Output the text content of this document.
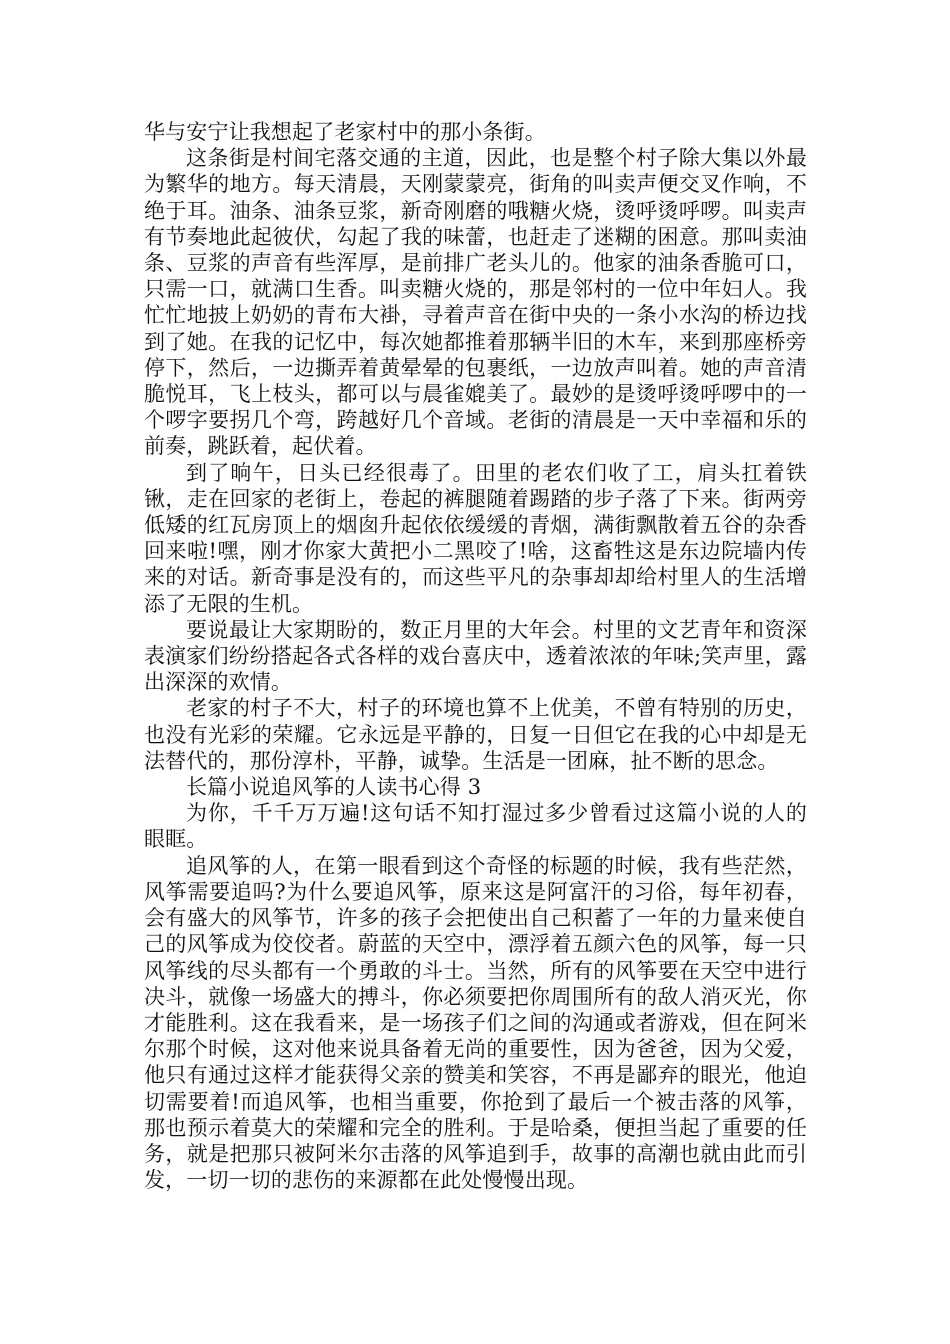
华与安宁让我想起了老家村中的那小条街。

这条街是村间宅落交通的主道，因此，也是整个村子除大集以外最为繁华的地方。每天清晨，天刚蒙蒙亮，街角的叫卖声便交叉作响，不绝于耳。油条、油条豆浆，新奇刚磨的哦糖火烧，烫呼烫呼啰。叫卖声有节奏地此起彼伏，勾起了我的味蕾，也赶走了迷糊的困意。那叫卖油条、豆浆的声音有些浑厚，是前排广老头儿的。他家的油条香脆可口，只需一口，就满口生香。叫卖糖火烧的，那是邻村的一位中年妇人。我忙忙地披上奶奶的青布大褂，寻着声音在街中央的一条小水沟的桥边找到了她。在我的记忆中，每次她都推着那辆半旧的木车，来到那座桥旁停下，然后，一边撕弄着黄晕晕的包裹纸，一边放声叫着。她的声音清脆悦耳，飞上枝头，都可以与晨雀媲美了。最妙的是烫呼烫呼啰中的一个啰字要拐几个弯，跨越好几个音域。老街的清晨是一天中幸福和乐的前奏，跳跃着，起伏着。

到了晌午，日头已经很毒了。田里的老农们收了工，肩头扛着铁锹，走在回家的老街上，卷起的裤腿随着踢踏的步子落了下来。街两旁低矮的红瓦房顶上的烟囱升起依依缓缓的青烟，满街飘散着五谷的杂香回来啦!嘿，刚才你家大黄把小二黑咬了!啥，这畜牲这是东边院墙内传来的对话。新奇事是没有的，而这些平凡的杂事却却给村里人的生活增添了无限的生机。

要说最让大家期盼的，数正月里的大年会。村里的文艺青年和资深表演家们纷纷搭起各式各样的戏台喜庆中，透着浓浓的年味;笑声里，露出深深的欢情。

老家的村子不大，村子的环境也算不上优美，不曾有特别的历史，也没有光彩的荣耀。它永远是平静的，日复一日但它在我的心中却是无法替代的，那份淳朴，平静，诚挚。生活是一团麻，扯不断的思念。

长篇小说追风筝的人读书心得 3

为你，千千万万遍!这句话不知打湿过多少曾看过这篇小说的人的眼眶。

追风筝的人，在第一眼看到这个奇怪的标题的时候，我有些茫然，风筝需要追吗?为什么要追风筝，原来这是阿富汗的习俗，每年初春，会有盛大的风筝节，许多的孩子会把使出自己积蓄了一年的力量来使自己的风筝成为佼佼者。蔚蓝的天空中，漂浮着五颜六色的风筝，每一只风筝线的尽头都有一个勇敢的斗士。当然，所有的风筝要在天空中进行决斗，就像一场盛大的搏斗，你必须要把你周围所有的敌人消灭光，你才能胜利。这在我看来，是一场孩子们之间的沟通或者游戏，但在阿米尔那个时候，这对他来说具备着无尚的重要性，因为爸爸，因为父爱，他只有通过这样才能获得父亲的赞美和笑容，不再是鄙弃的眼光，他迫切需要着!而追风筝，也相当重要，你抢到了最后一个被击落的风筝，那也预示着莫大的荣耀和完全的胜利。于是哈桑，便担当起了重要的任务，就是把那只被阿米尔击落的风筝追到手，故事的高潮也就由此而引发，一切一切的悲伤的来源都在此处慢慢出现。
